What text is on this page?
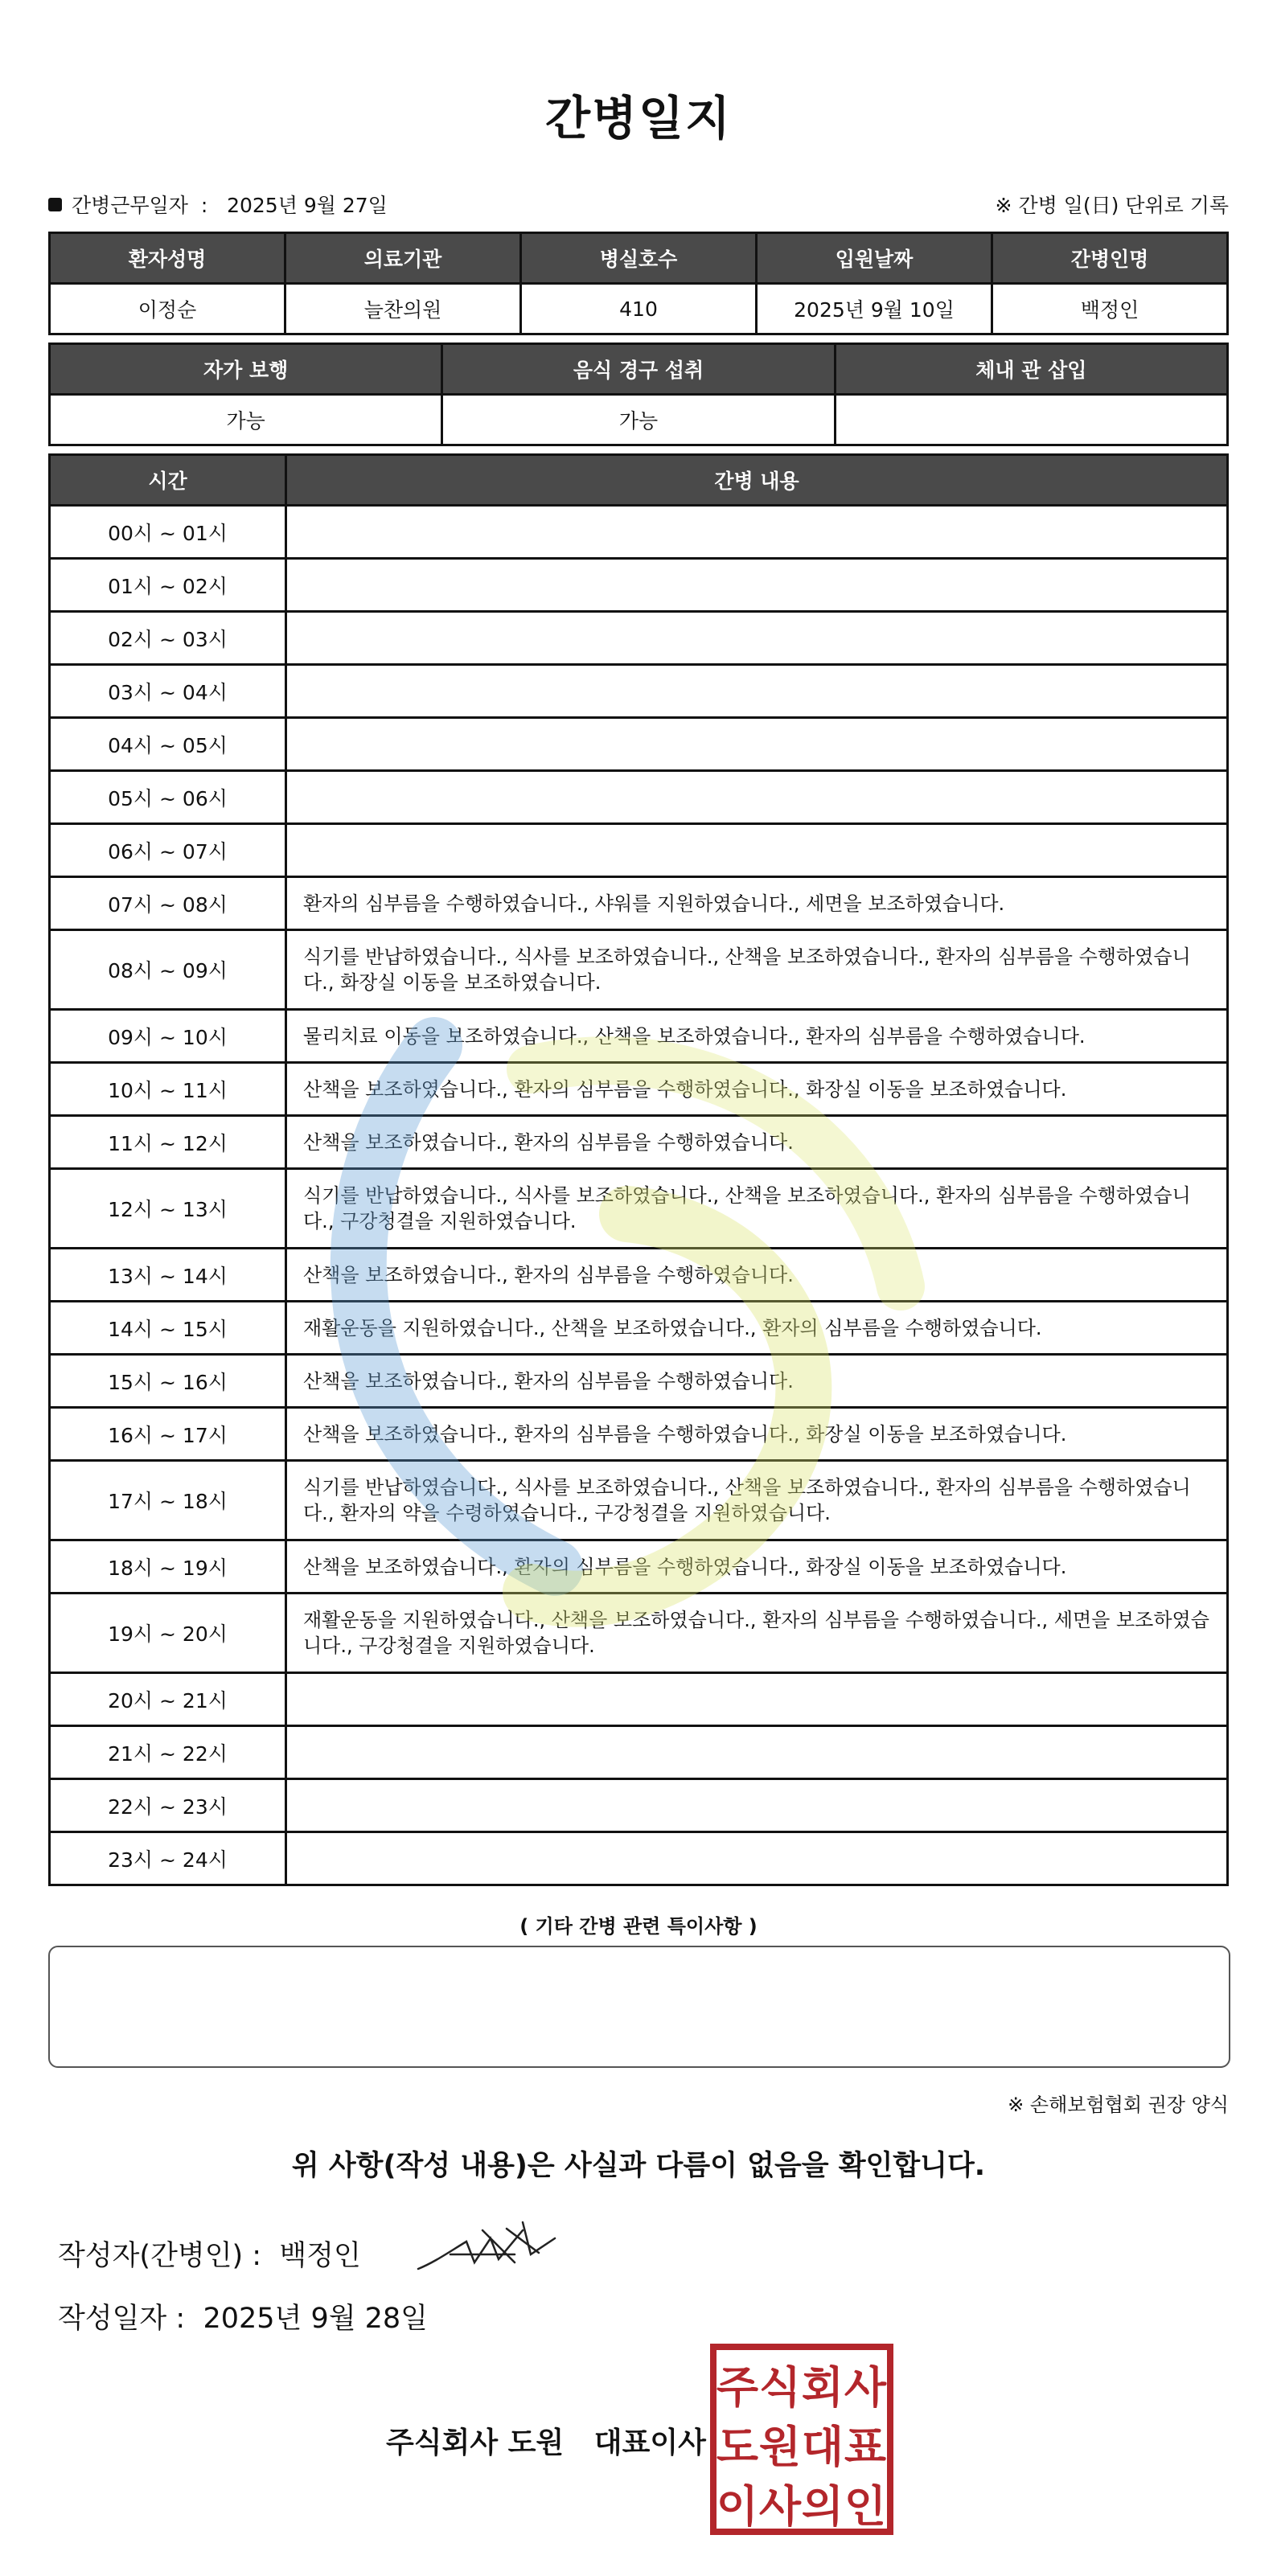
간병일지
간병근무일자 : 2025년 9월 27일	※ 간병 일(日) 단위로 기록
환자성명	의료기관	병실호수	입원날짜	간병인명
이정순	늘찬의원	410	2025년 9월 10일	백정인
자가 보행	음식 경구 섭취	체내 관 삽입
가능	가능	
시간	간병 내용
00시 ~ 01시	
01시 ~ 02시	
02시 ~ 03시	
03시 ~ 04시	
04시 ~ 05시	
05시 ~ 06시	
06시 ~ 07시	
07시 ~ 08시	환자의 심부름을 수행하였습니다., 샤워를 지원하였습니다., 세면을 보조하였습니다.
08시 ~ 09시	식기를 반납하였습니다., 식사를 보조하였습니다., 산책을 보조하였습니다., 환자의 심부름을 수행하였습니다., 화장실 이동을 보조하였습니다.
09시 ~ 10시	물리치료 이동을 보조하였습니다., 산책을 보조하였습니다., 환자의 심부름을 수행하였습니다.
10시 ~ 11시	산책을 보조하였습니다., 환자의 심부름을 수행하였습니다., 화장실 이동을 보조하였습니다.
11시 ~ 12시	산책을 보조하였습니다., 환자의 심부름을 수행하였습니다.
12시 ~ 13시	식기를 반납하였습니다., 식사를 보조하였습니다., 산책을 보조하였습니다., 환자의 심부름을 수행하였습니다., 구강청결을 지원하였습니다.
13시 ~ 14시	산책을 보조하였습니다., 환자의 심부름을 수행하였습니다.
14시 ~ 15시	재활운동을 지원하였습니다., 산책을 보조하였습니다., 환자의 심부름을 수행하였습니다.
15시 ~ 16시	산책을 보조하였습니다., 환자의 심부름을 수행하였습니다.
16시 ~ 17시	산책을 보조하였습니다., 환자의 심부름을 수행하였습니다., 화장실 이동을 보조하였습니다.
17시 ~ 18시	식기를 반납하였습니다., 식사를 보조하였습니다., 산책을 보조하였습니다., 환자의 심부름을 수행하였습니다., 환자의 약을 수령하였습니다., 구강청결을 지원하였습니다.
18시 ~ 19시	산책을 보조하였습니다., 환자의 심부름을 수행하였습니다., 화장실 이동을 보조하였습니다.
19시 ~ 20시	재활운동을 지원하였습니다., 산책을 보조하였습니다., 환자의 심부름을 수행하였습니다., 세면을 보조하였습니다., 구강청결을 지원하였습니다.
20시 ~ 21시	
21시 ~ 22시	
22시 ~ 23시	
23시 ~ 24시	
( 기타 간병 관련 특이사항 )
※ 손해보험협회 권장 양식
위 사항(작성 내용)은 사실과 다름이 없음을 확인합니다.
작성자(간병인) : 백정인
작성일자 : 2025년 9월 28일
주식회사 도원   대표이사
주 식 회 사
도 원 대 표
이 사 의 인
